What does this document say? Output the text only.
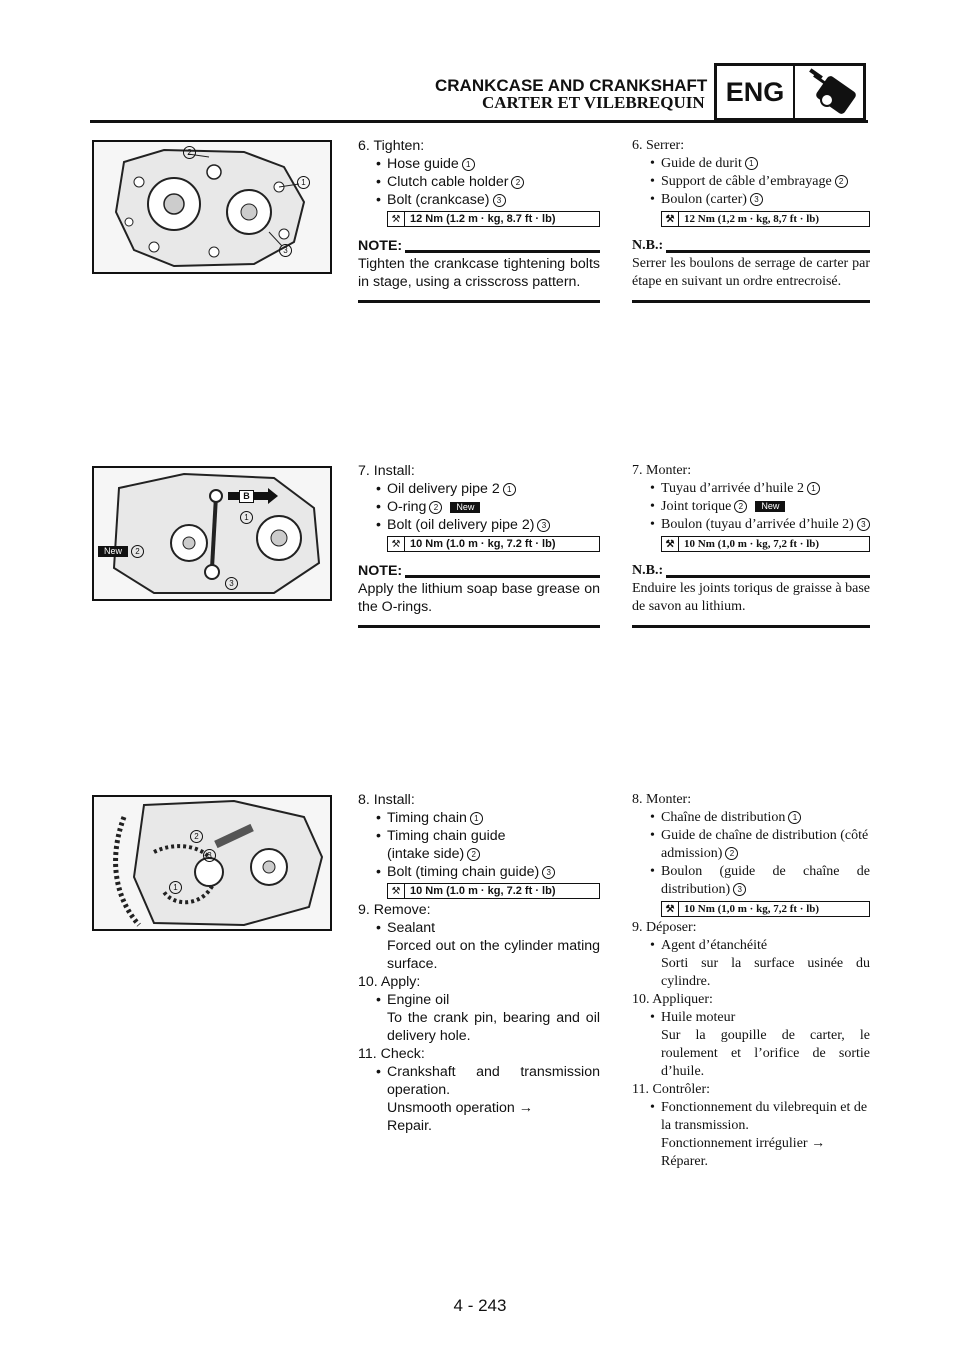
CRANKCASE AND CRANKSHAFT
CARTER ET VILEBREQUIN ENG
2
1
3
B
1
New 2
3
2
3
1
6. Tighten:
• Hose guide 1
• Clutch cable holder 2
• Bolt (crankcase) 3
⚒ 12 Nm (1.2 m · kg, 8.7 ft · lb)
NOTE:
Tighten the crankcase tightening bolts in stage, using a crisscross pattern.
7. Install:
• Oil delivery pipe 2 1
• O-ring 2 New
• Bolt (oil delivery pipe 2) 3
⚒ 10 Nm (1.0 m · kg, 7.2 ft · lb)
NOTE:
Apply the lithium soap base grease on the O-rings.
8. Install:
• Timing chain 1
• Timing chain guide
(intake side) 2
• Bolt (timing chain guide) 3
⚒ 10 Nm (1.0 m · kg, 7.2 ft · lb)
9. Remove:
• Sealant
Forced out on the cylinder mating surface.
10. Apply:
• Engine oil
To the crank pin, bearing and oil delivery hole.
11. Check:
• Crankshaft and transmission operation.
Unsmooth operation →
Repair.
6. Serrer:
• Guide de durit 1
• Support de câble d’embrayage 2
• Boulon (carter) 3
⚒ 12 Nm (1,2 m · kg, 8,7 ft · lb)
N.B.:
Serrer les boulons de serrage de carter par étape en suivant un ordre entrecroisé.
7. Monter:
• Tuyau d’arrivée d’huile 2 1
• Joint torique 2 New
• Boulon (tuyau d’arrivée d’huile 2) 3
⚒ 10 Nm (1,0 m · kg, 7,2 ft · lb)
N.B.:
Enduire les joints toriqus de graisse à base de savon au lithium.
8. Monter:
• Chaîne de distribution 1
• Guide de chaîne de distribution (côté admission) 2
• Boulon (guide de chaîne de distribution) 3
⚒ 10 Nm (1,0 m · kg, 7,2 ft · lb)
9. Déposer:
• Agent d’étanchéité
Sorti sur la surface usinée du cylindre.
10. Appliquer:
• Huile moteur
Sur la goupille de carter, le roulement et l’orifice de sortie d’huile.
11. Contrôler:
• Fonctionnement du vilebrequin et de la transmission.
Fonctionnement irrégulier →
Réparer.
4 - 243
